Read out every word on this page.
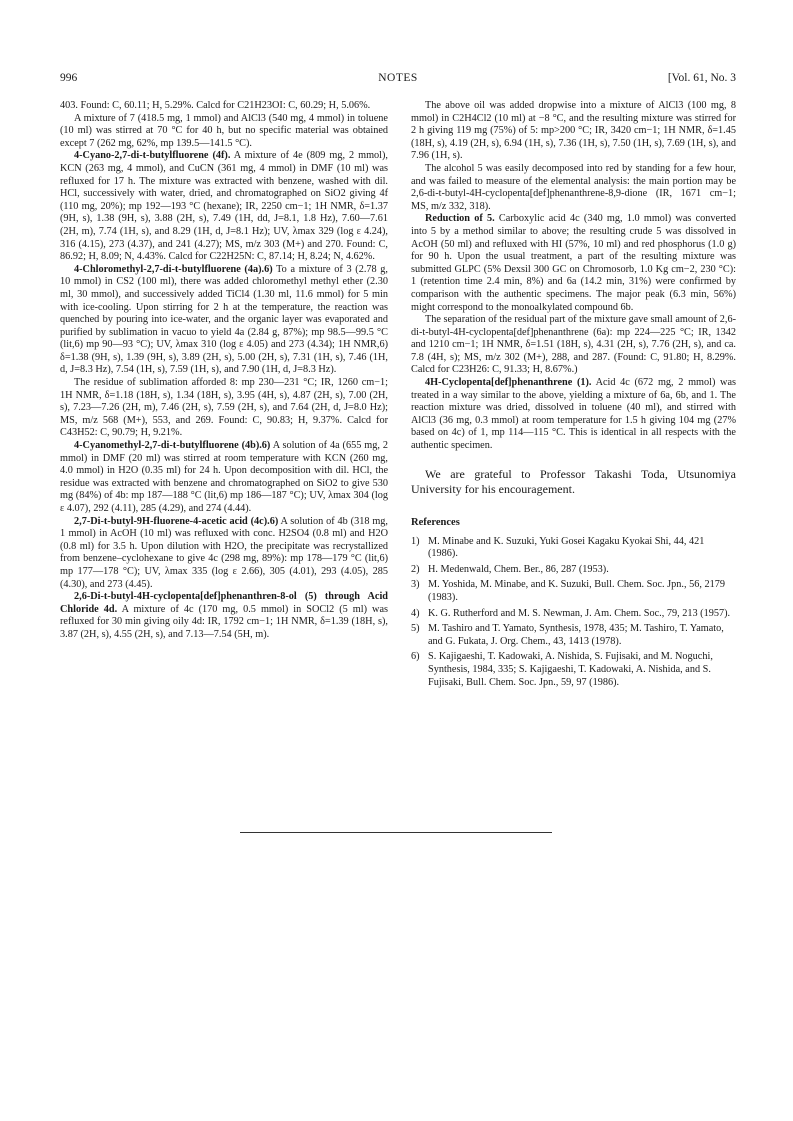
996	NOTES	[Vol. 61, No. 3

403. Found: C, 60.11; H, 5.29%. Calcd for C21H23OI: C, 60.29; H, 5.06%.

A mixture of 7 (418.5 mg, 1 mmol) and AlCl3 (540 mg, 4 mmol) in toluene (10 ml) was stirred at 70 °C for 40 h, but no specific material was obtained except 7 (262 mg, 62%, mp 139.5—141.5 °C).

4-Cyano-2,7-di-t-butylfluorene (4f). A mixture of 4e (809 mg, 2 mmol), KCN (263 mg, 4 mmol), and CuCN (361 mg, 4 mmol) in DMF (10 ml) was refluxed for 17 h. The mixture was extracted with benzene, washed with dil. HCl, successively with water, dried, and chromatographed on SiO2 giving 4f (110 mg, 20%); mp 192—193 °C (hexane); IR, 2250 cm−1; 1H NMR, δ=1.37 (9H, s), 1.38 (9H, s), 3.88 (2H, s), 7.49 (1H, dd, J=8.1, 1.8 Hz), 7.60—7.61 (2H, m), 7.74 (1H, s), and 8.29 (1H, d, J=8.1 Hz); UV, λmax 329 (log ε 4.24), 316 (4.15), 273 (4.37), and 241 (4.27); MS, m/z 303 (M+) and 270. Found: C, 86.92; H, 8.09; N, 4.43%. Calcd for C22H25N: C, 87.14; H, 8.24; N, 4.62%.

4-Chloromethyl-2,7-di-t-butylfluorene (4a).6) To a mixture of 3 (2.78 g, 10 mmol) in CS2 (100 ml), there was added chloromethyl methyl ether (2.30 ml, 30 mmol), and successively added TiCl4 (1.30 ml, 11.6 mmol) for 5 min with ice-cooling. Upon stirring for 2 h at the temperature, the reaction was quenched by pouring into ice-water, and the organic layer was evaporated and purified by sublimation in vacuo to yield 4a (2.84 g, 87%); mp 98.5—99.5 °C (lit,6) mp 90—93 °C); UV, λmax 310 (log ε 4.05) and 273 (4.34); 1H NMR,6) δ=1.38 (9H, s), 1.39 (9H, s), 3.89 (2H, s), 5.00 (2H, s), 7.31 (1H, s), 7.46 (1H, d, J=8.3 Hz), 7.54 (1H, s), 7.59 (1H, s), and 7.90 (1H, d, J=8.3 Hz).

The residue of sublimation afforded 8: mp 230—231 °C; IR, 1260 cm−1; 1H NMR, δ=1.18 (18H, s), 1.34 (18H, s), 3.95 (4H, s), 4.87 (2H, s), 7.00 (2H, s), 7.23—7.26 (2H, m), 7.46 (2H, s), 7.59 (2H, s), and 7.64 (2H, d, J=8.0 Hz); MS, m/z 568 (M+), 553, and 269. Found: C, 90.83; H, 9.37%. Calcd for C43H52: C, 90.79; H, 9.21%.

4-Cyanomethyl-2,7-di-t-butylfluorene (4b).6) A solution of 4a (655 mg, 2 mmol) in DMF (20 ml) was stirred at room temperature with KCN (260 mg, 4.0 mmol) in H2O (0.35 ml) for 24 h. Upon decomposition with dil. HCl, the residue was extracted with benzene and chromatographed on SiO2 to give 530 mg (84%) of 4b: mp 187—188 °C (lit,6) mp 186—187 °C); UV, λmax 304 (log ε 4.07), 292 (4.11), 285 (4.29), and 274 (4.44).

2,7-Di-t-butyl-9H-fluorene-4-acetic acid (4c).6) A solution of 4b (318 mg, 1 mmol) in AcOH (10 ml) was refluxed with conc. H2SO4 (0.8 ml) and H2O (0.8 ml) for 3.5 h. Upon dilution with H2O, the precipitate was recrystallized from benzene–cyclohexane to give 4c (298 mg, 89%): mp 178—179 °C (lit,6) mp 177—178 °C); UV, λmax 335 (log ε 2.66), 305 (4.01), 293 (4.05), 285 (4.30), and 273 (4.45).

2,6-Di-t-butyl-4H-cyclopenta[def]phenanthren-8-ol (5) through Acid Chloride 4d. A mixture of 4c (170 mg, 0.5 mmol) in SOCl2 (5 ml) was refluxed for 30 min giving oily 4d: IR, 1792 cm−1; 1H NMR, δ=1.39 (18H, s), 3.87 (2H, s), 4.55 (2H, s), and 7.13—7.54 (5H, m).

The above oil was added dropwise into a mixture of AlCl3 (100 mg, 8 mmol) in C2H4Cl2 (10 ml) at −8 °C, and the resulting mixture was stirred for 2 h giving 119 mg (75%) of 5: mp>200 °C; IR, 3420 cm−1; 1H NMR, δ=1.45 (18H, s), 4.19 (2H, s), 6.94 (1H, s), 7.36 (1H, s), 7.50 (1H, s), 7.69 (1H, s), and 7.96 (1H, s).

The alcohol 5 was easily decomposed into red by standing for a few hour, and was failed to measure of the elemental analysis: the main portion may be 2,6-di-t-butyl-4H-cyclopenta[def]phenanthrene-8,9-dione (IR, 1671 cm−1; MS, m/z 332, 318).

Reduction of 5. Carboxylic acid 4c (340 mg, 1.0 mmol) was converted into 5 by a method similar to above; the resulting crude 5 was dissolved in AcOH (50 ml) and refluxed with HI (57%, 10 ml) and red phosphorus (1.0 g) for 90 h. Upon the usual treatment, a part of the resulting mixture was submitted GLPC (5% Dexsil 300 GC on Chromosorb, 1.0 Kg cm−2, 230 °C): 1 (retention time 2.4 min, 8%) and 6a (14.2 min, 31%) were confirmed by comparison with the authentic specimens. The major peak (6.3 min, 56%) might correspond to the monoalkylated compound 6b.

The separation of the residual part of the mixture gave small amount of 2,6-di-t-butyl-4H-cyclopenta[def]phenanthrene (6a): mp 224—225 °C; IR, 1342 and 1210 cm−1; 1H NMR, δ=1.51 (18H, s), 4.31 (2H, s), 7.76 (2H, s), and ca. 7.8 (4H, s); MS, m/z 302 (M+), 288, and 287. (Found: C, 91.80; H, 8.29%. Calcd for C23H26: C, 91.33; H, 8.67%.)

4H-Cyclopenta[def]phenanthrene (1). Acid 4c (672 mg, 2 mmol) was treated in a way similar to the above, yielding a mixture of 6a, 6b, and 1. The reaction mixture was dried, dissolved in toluene (40 ml), and stirred with AlCl3 (36 mg, 0.3 mmol) at room temperature for 1.5 h giving 104 mg (27% based on 4c) of 1, mp 114—115 °C. This is identical in all respects with the authentic specimen.

We are grateful to Professor Takashi Toda, Utsunomiya University for his encouragement.

References
1) M. Minabe and K. Suzuki, Yuki Gosei Kagaku Kyokai Shi, 44, 421 (1986).
2) H. Medenwald, Chem. Ber., 86, 287 (1953).
3) M. Yoshida, M. Minabe, and K. Suzuki, Bull. Chem. Soc. Jpn., 56, 2179 (1983).
4) K. G. Rutherford and M. S. Newman, J. Am. Chem. Soc., 79, 213 (1957).
5) M. Tashiro and T. Yamato, Synthesis, 1978, 435; M. Tashiro, T. Yamato, and G. Fukata, J. Org. Chem., 43, 1413 (1978).
6) S. Kajigaeshi, T. Kadowaki, A. Nishida, S. Fujisaki, and M. Noguchi, Synthesis, 1984, 335; S. Kajigaeshi, T. Kadowaki, A. Nishida, and S. Fujisaki, Bull. Chem. Soc. Jpn., 59, 97 (1986).
